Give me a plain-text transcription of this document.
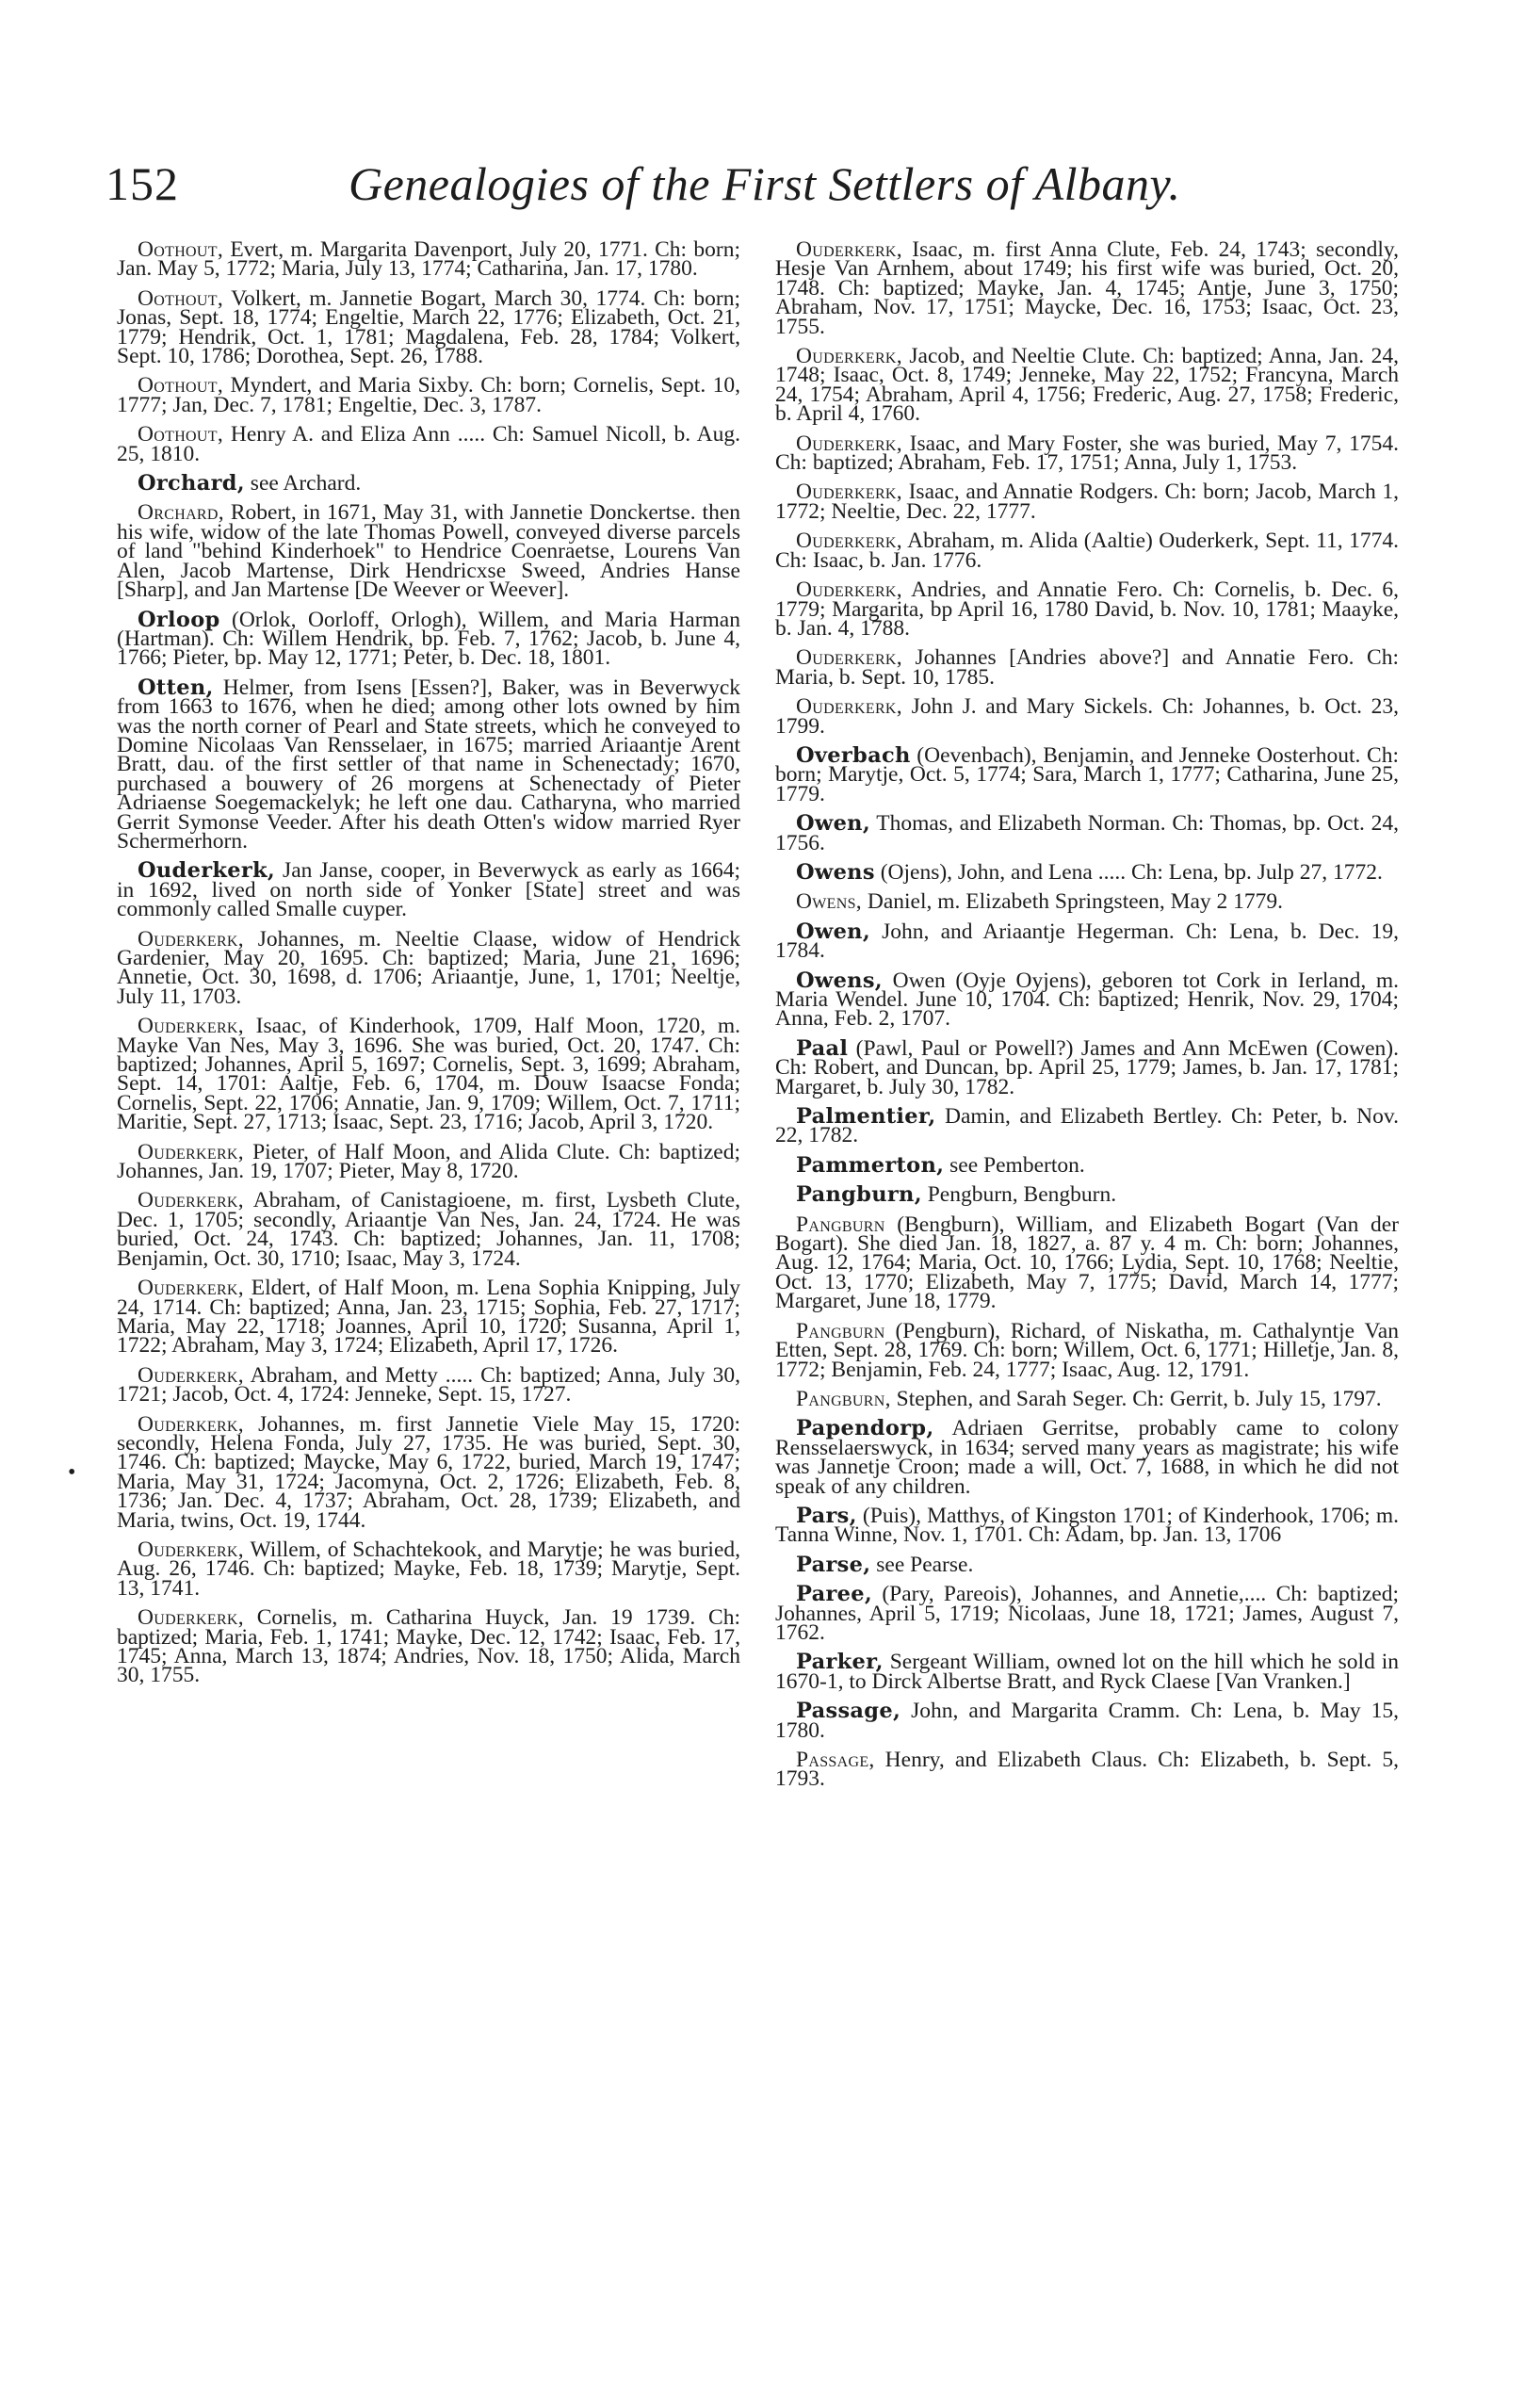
152	Genealogies of the First Settlers of Albany.
•

Oothout, Evert, m. Margarita Davenport, July 20, 1771. Ch: born; Jan. May 5, 1772; Maria, July 13, 1774; Catharina, Jan. 17, 1780.

Oothout, Volkert, m. Jannetie Bogart, March 30, 1774. Ch: born; Jonas, Sept. 18, 1774; Engeltie, March 22, 1776; Elizabeth, Oct. 21, 1779; Hendrik, Oct. 1, 1781; Magdalena, Feb. 28, 1784; Volkert, Sept. 10, 1786; Dorothea, Sept. 26, 1788.

Oothout, Myndert, and Maria Sixby. Ch: born; Cornelis, Sept. 10, 1777; Jan, Dec. 7, 1781; Engeltie, Dec. 3, 1787.

Oothout, Henry A. and Eliza Ann ..... Ch: Samuel Nicoll, b. Aug. 25, 1810.

Orchard, see Archard.

Orchard, Robert, in 1671, May 31, with Jannetie Donckertse. then his wife, widow of the late Thomas Powell, conveyed diverse parcels of land "behind Kinderhoek" to Hendrice Coenraetse, Lourens Van Alen, Jacob Martense, Dirk Hendricxse Sweed, Andries Hanse [Sharp], and Jan Martense [De Weever or Weever].

Orloop (Orlok, Oorloff, Orlogh), Willem, and Maria Harman (Hartman). Ch: Willem Hendrik, bp. Feb. 7, 1762; Jacob, b. June 4, 1766; Pieter, bp. May 12, 1771; Peter, b. Dec. 18, 1801.

Otten, Helmer, from Isens [Essen?], Baker, was in Beverwyck from 1663 to 1676, when he died; among other lots owned by him was the north corner of Pearl and State streets, which he conveyed to Domine Nicolaas Van Rensselaer, in 1675; married Ariaantje Arent Bratt, dau. of the first settler of that name in Schenectady; 1670, purchased a bouwery of 26 morgens at Schenectady of Pieter Adriaense Soegemackelyk; he left one dau. Catharyna, who married Gerrit Symonse Veeder. After his death Otten's widow married Ryer Schermerhorn.

Ouderkerk, Jan Janse, cooper, in Beverwyck as early as 1664; in 1692, lived on north side of Yonker [State] street and was commonly called Smalle cuyper.

Ouderkerk, Johannes, m. Neeltie Claase, widow of Hendrick Gardenier, May 20, 1695. Ch: baptized; Maria, June 21, 1696; Annetie, Oct. 30, 1698, d. 1706; Ariaantje, June, 1, 1701; Neeltje, July 11, 1703.

Ouderkerk, Isaac, of Kinderhook, 1709, Half Moon, 1720, m. Mayke Van Nes, May 3, 1696. She was buried, Oct. 20, 1747. Ch: baptized; Johannes, April 5, 1697; Cornelis, Sept. 3, 1699; Abraham, Sept. 14, 1701: Aaltje, Feb. 6, 1704, m. Douw Isaacse Fonda; Cornelis, Sept. 22, 1706; Annatie, Jan. 9, 1709; Willem, Oct. 7, 1711; Maritie, Sept. 27, 1713; Isaac, Sept. 23, 1716; Jacob, April 3, 1720.

Ouderkerk, Pieter, of Half Moon, and Alida Clute. Ch: baptized; Johannes, Jan. 19, 1707; Pieter, May 8, 1720.

Ouderkerk, Abraham, of Canistagioene, m. first, Lysbeth Clute, Dec. 1, 1705; secondly, Ariaantje Van Nes, Jan. 24, 1724. He was buried, Oct. 24, 1743. Ch: baptized; Johannes, Jan. 11, 1708; Benjamin, Oct. 30, 1710; Isaac, May 3, 1724.

Ouderkerk, Eldert, of Half Moon, m. Lena Sophia Knipping, July 24, 1714. Ch: baptized; Anna, Jan. 23, 1715; Sophia, Feb. 27, 1717; Maria, May 22, 1718; Joannes, April 10, 1720; Susanna, April 1, 1722; Abraham, May 3, 1724; Elizabeth, April 17, 1726.

Ouderkerk, Abraham, and Metty ..... Ch: baptized; Anna, July 30, 1721; Jacob, Oct. 4, 1724: Jenneke, Sept. 15, 1727.

Ouderkerk, Johannes, m. first Jannetie Viele May 15, 1720: secondly, Helena Fonda, July 27, 1735. He was buried, Sept. 30, 1746. Ch: baptized; Maycke, May 6, 1722, buried, March 19, 1747; Maria, May 31, 1724; Jacomyna, Oct. 2, 1726; Elizabeth, Feb. 8, 1736; Jan. Dec. 4, 1737; Abraham, Oct. 28, 1739; Elizabeth, and Maria, twins, Oct. 19, 1744.

Ouderkerk, Willem, of Schachtekook, and Marytje; he was buried, Aug. 26, 1746. Ch: baptized; Mayke, Feb. 18, 1739; Marytje, Sept. 13, 1741.

Ouderkerk, Cornelis, m. Catharina Huyck, Jan. 19 1739. Ch: baptized; Maria, Feb. 1, 1741; Mayke, Dec. 12, 1742; Isaac, Feb. 17, 1745; Anna, March 13, 1874; Andries, Nov. 18, 1750; Alida, March 30, 1755.

Ouderkerk, Isaac, m. first Anna Clute, Feb. 24, 1743; secondly, Hesje Van Arnhem, about 1749; his first wife was buried, Oct. 20, 1748. Ch: baptized; Mayke, Jan. 4, 1745; Antje, June 3, 1750; Abraham, Nov. 17, 1751; Maycke, Dec. 16, 1753; Isaac, Oct. 23, 1755.

Ouderkerk, Jacob, and Neeltie Clute. Ch: baptized; Anna, Jan. 24, 1748; Isaac, Oct. 8, 1749; Jenneke, May 22, 1752; Francyna, March 24, 1754; Abraham, April 4, 1756; Frederic, Aug. 27, 1758; Frederic, b. April 4, 1760.

Ouderkerk, Isaac, and Mary Foster, she was buried, May 7, 1754. Ch: baptized; Abraham, Feb. 17, 1751; Anna, July 1, 1753.

Ouderkerk, Isaac, and Annatie Rodgers. Ch: born; Jacob, March 1, 1772; Neeltie, Dec. 22, 1777.

Ouderkerk, Abraham, m. Alida (Aaltie) Ouderkerk, Sept. 11, 1774. Ch: Isaac, b. Jan. 1776.

Ouderkerk, Andries, and Annatie Fero. Ch: Cornelis, b. Dec. 6, 1779; Margarita, bp April 16, 1780 David, b. Nov. 10, 1781; Maayke, b. Jan. 4, 1788.

Ouderkerk, Johannes [Andries above?] and Annatie Fero. Ch: Maria, b. Sept. 10, 1785.

Ouderkerk, John J. and Mary Sickels. Ch: Johannes, b. Oct. 23, 1799.

Overbach (Oevenbach), Benjamin, and Jenneke Oosterhout. Ch: born; Marytje, Oct. 5, 1774; Sara, March 1, 1777; Catharina, June 25, 1779.

Owen, Thomas, and Elizabeth Norman. Ch: Thomas, bp. Oct. 24, 1756.

Owens (Ojens), John, and Lena ..... Ch: Lena, bp. Julp 27, 1772.

Owens, Daniel, m. Elizabeth Springsteen, May 2 1779.

Owen, John, and Ariaantje Hegerman. Ch: Lena, b. Dec. 19, 1784.

Owens, Owen (Oyje Oyjens), geboren tot Cork in Ierland, m. Maria Wendel. June 10, 1704. Ch: baptized; Henrik, Nov. 29, 1704; Anna, Feb. 2, 1707.

Paal (Pawl, Paul or Powell?) James and Ann McEwen (Cowen). Ch: Robert, and Duncan, bp. April 25, 1779; James, b. Jan. 17, 1781; Margaret, b. July 30, 1782.

Palmentier, Damin, and Elizabeth Bertley. Ch: Peter, b. Nov. 22, 1782.

Pammerton, see Pemberton.

Pangburn, Pengburn, Bengburn.

Pangburn (Bengburn), William, and Elizabeth Bogart (Van der Bogart). She died Jan. 18, 1827, a. 87 y. 4 m. Ch: born; Johannes, Aug. 12, 1764; Maria, Oct. 10, 1766; Lydia, Sept. 10, 1768; Neeltie, Oct. 13, 1770; Elizabeth, May 7, 1775; David, March 14, 1777; Margaret, June 18, 1779.

Pangburn (Pengburn), Richard, of Niskatha, m. Cathalyntje Van Etten, Sept. 28, 1769. Ch: born; Willem, Oct. 6, 1771; Hilletje, Jan. 8, 1772; Benjamin, Feb. 24, 1777; Isaac, Aug. 12, 1791.

Pangburn, Stephen, and Sarah Seger. Ch: Gerrit, b. July 15, 1797.

Papendorp, Adriaen Gerritse, probably came to colony Rensselaerswyck, in 1634; served many years as magistrate; his wife was Jannetje Croon; made a will, Oct. 7, 1688, in which he did not speak of any children.

Pars, (Puis), Matthys, of Kingston 1701; of Kinderhook, 1706; m. Tanna Winne, Nov. 1, 1701. Ch: Adam, bp. Jan. 13, 1706

Parse, see Pearse.

Paree, (Pary, Pareois), Johannes, and Annetie,.... Ch: baptized; Johannes, April 5, 1719; Nicolaas, June 18, 1721; James, August 7, 1762.

Parker, Sergeant William, owned lot on the hill which he sold in 1670-1, to Dirck Albertse Bratt, and Ryck Claese [Van Vranken.]

Passage, John, and Margarita Cramm. Ch: Lena, b. May 15, 1780.

Passage, Henry, and Elizabeth Claus. Ch: Elizabeth, b. Sept. 5, 1793.
